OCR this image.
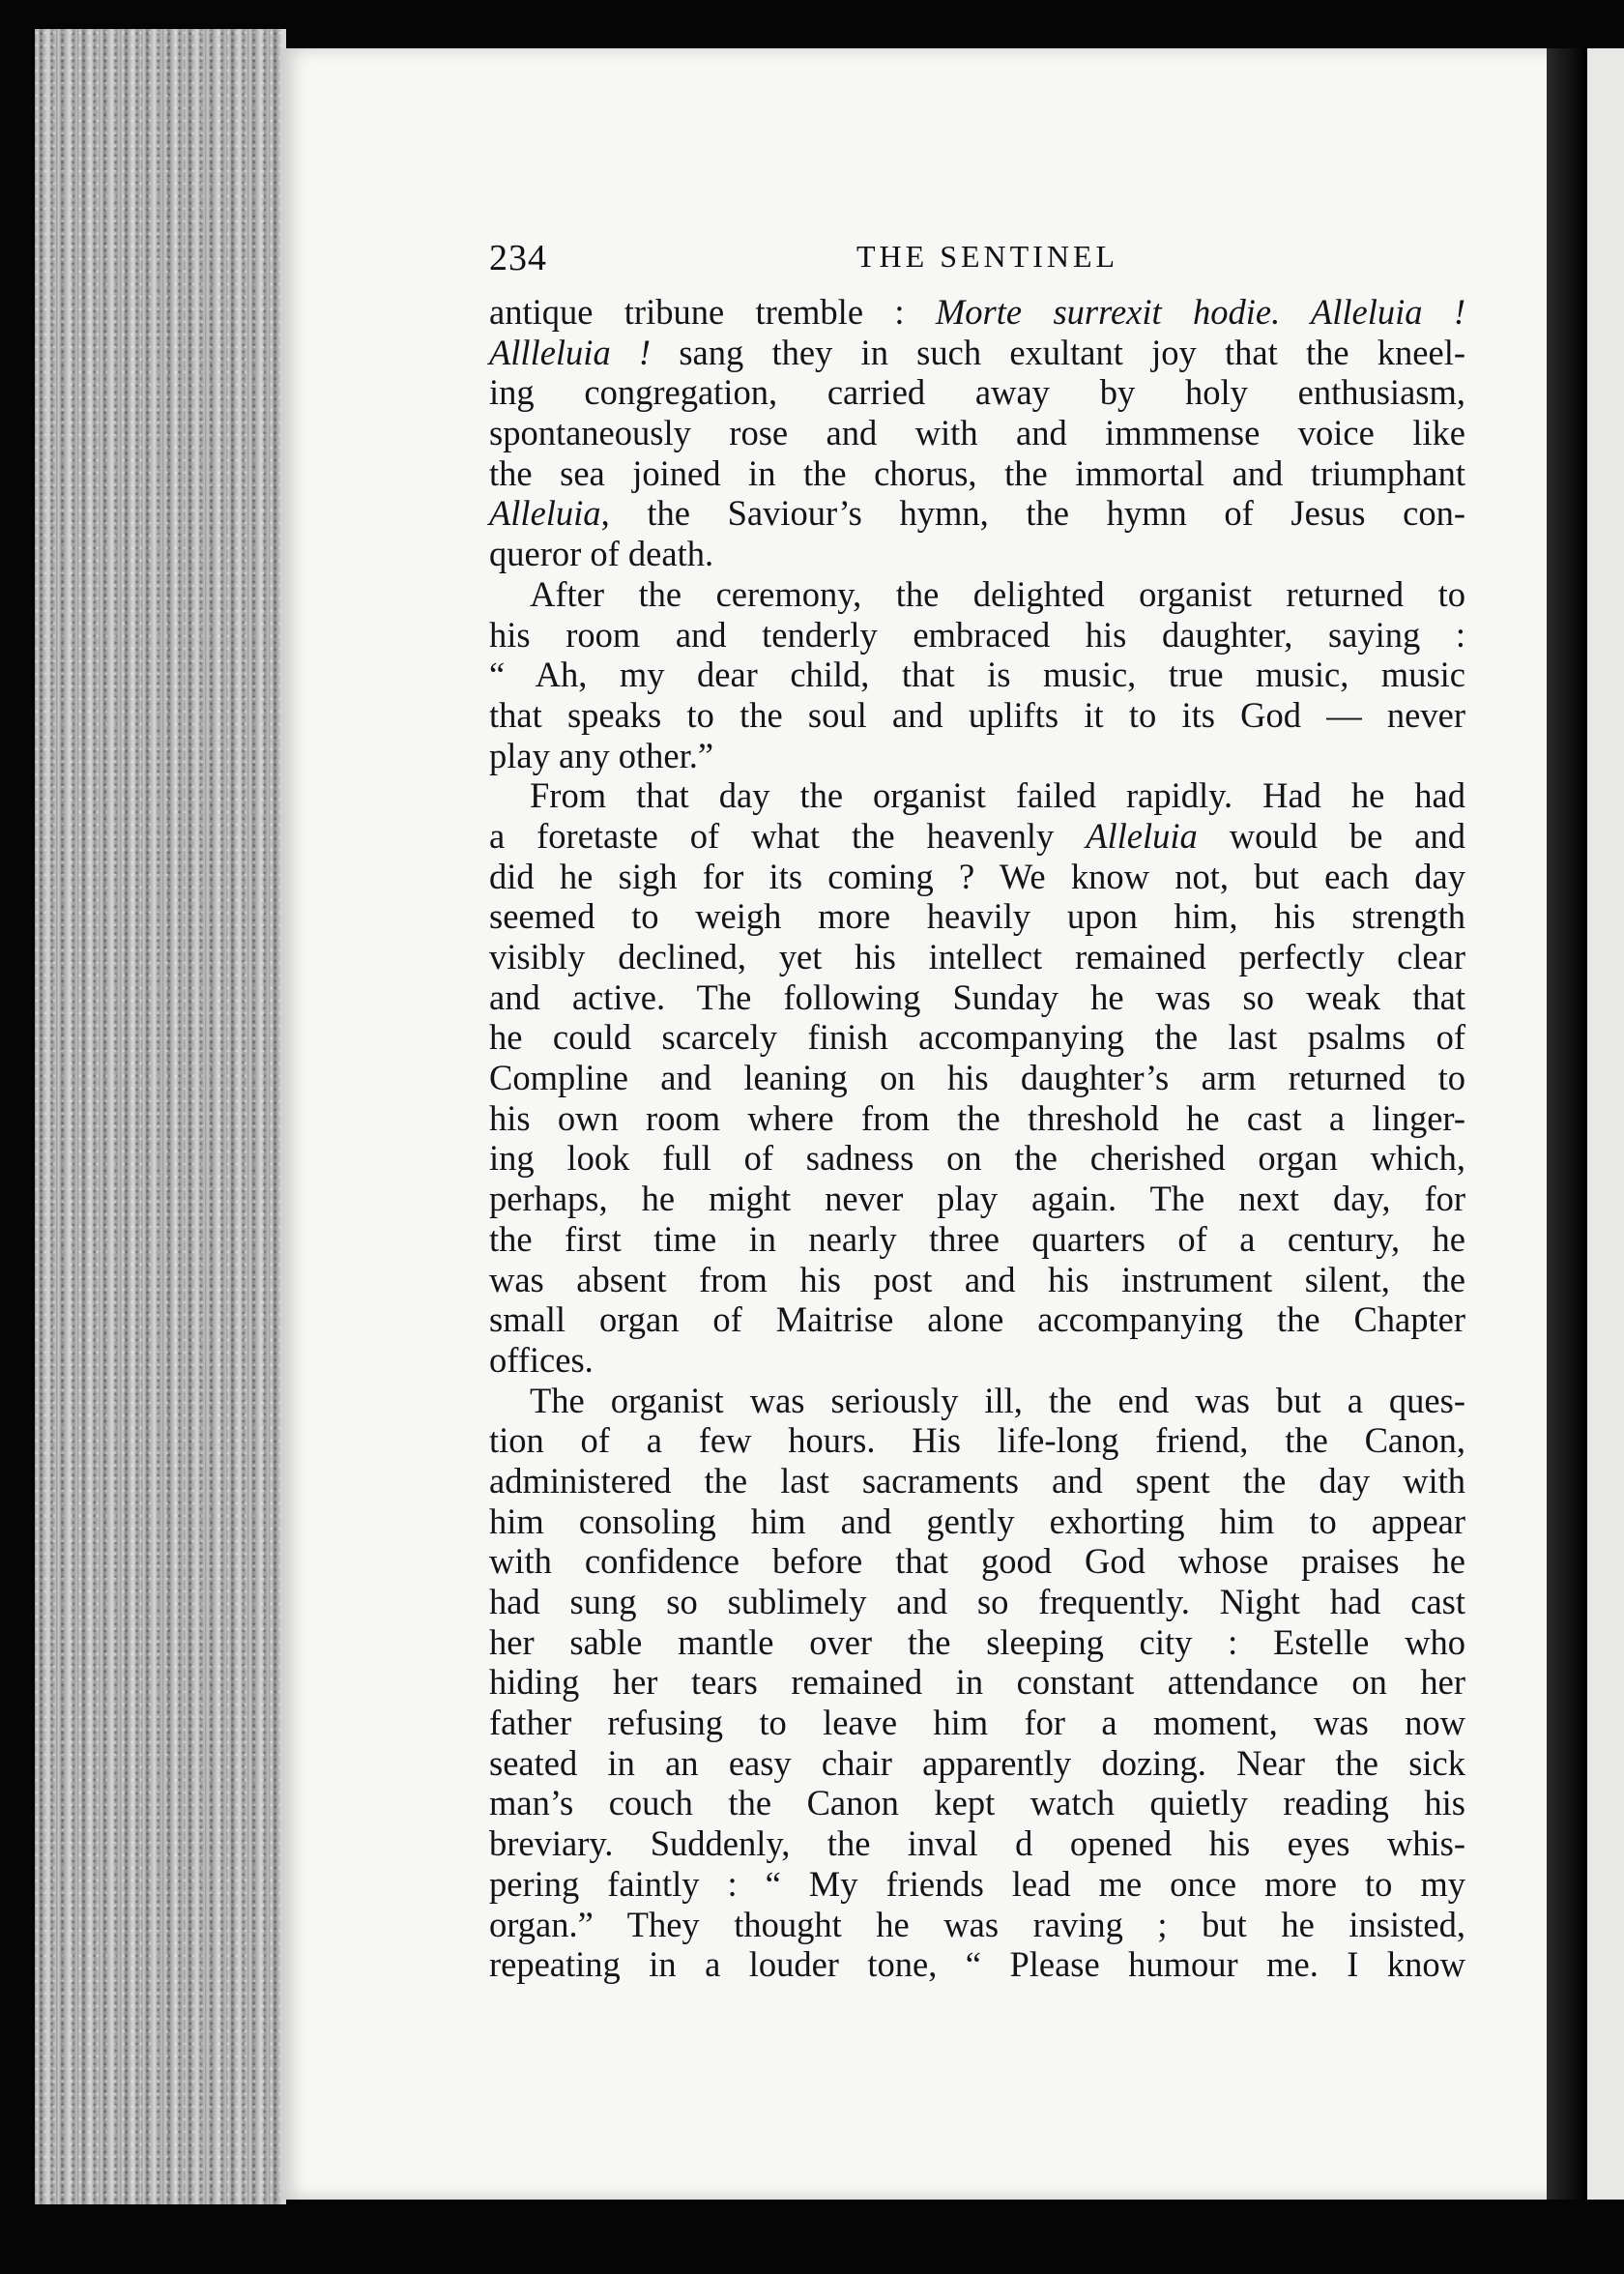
234	THE SENTINEL
antique tribune tremble : Morte surrexit hodie. Alleluia !
Allleluia ! sang they in such exultant joy that the kneel-
ing congregation, carried away by holy enthusiasm,
spontaneously rose and with and immmense voice like
the sea joined in the chorus, the immortal and triumphant
Alleluia, the Saviour’s hymn, the hymn of Jesus con-
queror of death.
After the ceremony, the delighted organist returned to
his room and tenderly embraced his daughter, saying :
“ Ah, my dear child, that is music, true music, music
that speaks to the soul and uplifts it to its God — never
play any other.”
From that day the organist failed rapidly. Had he had
a foretaste of what the heavenly Alleluia would be and
did he sigh for its coming ? We know not, but each day
seemed to weigh more heavily upon him, his strength
visibly declined, yet his intellect remained perfectly clear
and active. The following Sunday he was so weak that
he could scarcely finish accompanying the last psalms of
Compline and leaning on his daughter’s arm returned to
his own room where from the threshold he cast a linger-
ing look full of sadness on the cherished organ which,
perhaps, he might never play again. The next day, for
the first time in nearly three quarters of a century, he
was absent from his post and his instrument silent, the
small organ of Maitrise alone accompanying the Chapter
offices.
The organist was seriously ill, the end was but a ques-
tion of a few hours. His life-long friend, the Canon,
administered the last sacraments and spent the day with
him consoling him and gently exhorting him to appear
with confidence before that good God whose praises he
had sung so sublimely and so frequently. Night had cast
her sable mantle over the sleeping city : Estelle who
hiding her tears remained in constant attendance on her
father refusing to leave him for a moment, was now
seated in an easy chair apparently dozing. Near the sick
man’s couch the Canon kept watch quietly reading his
breviary. Suddenly, the inval d opened his eyes whis-
pering faintly : “ My friends lead me once more to my
organ.” They thought he was raving ; but he insisted,
repeating in a louder tone, “ Please humour me. I know
